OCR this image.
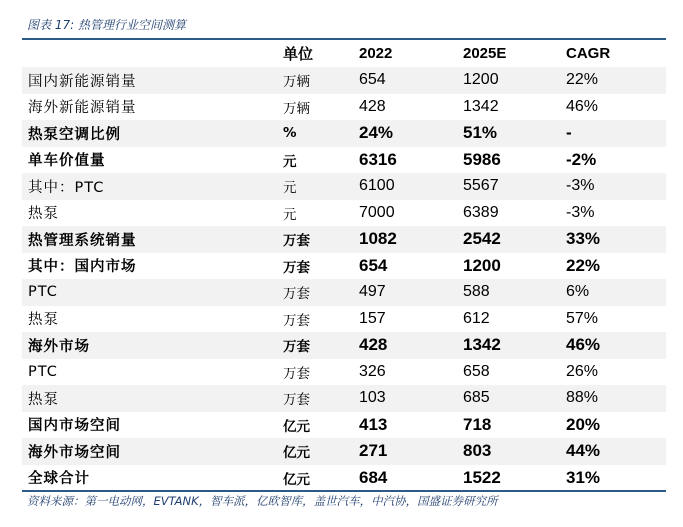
图表 17: 热管理行业空间测算
	单位	2022	2025E	CAGR
国内新能源销量	万辆	654	1200	22%
海外新能源销量	万辆	428	1342	46%
热泵空调比例	%	24%	51%	-
单车价值量	元	6316	5986	-2%
其中：PTC	元	6100	5567	-3%
热泵	元	7000	6389	-3%
热管理系统销量	万套	1082	2542	33%
其中：国内市场	万套	654	1200	22%
PTC	万套	497	588	6%
热泵	万套	157	612	57%
海外市场	万套	428	1342	46%
PTC	万套	326	658	26%
热泵	万套	103	685	88%
国内市场空间	亿元	413	718	20%
海外市场空间	亿元	271	803	44%
全球合计	亿元	684	1522	31%
资料来源：第一电动网，EVTANK，智车派，亿欧智库，盖世汽车，中汽协，国盛证券研究所
